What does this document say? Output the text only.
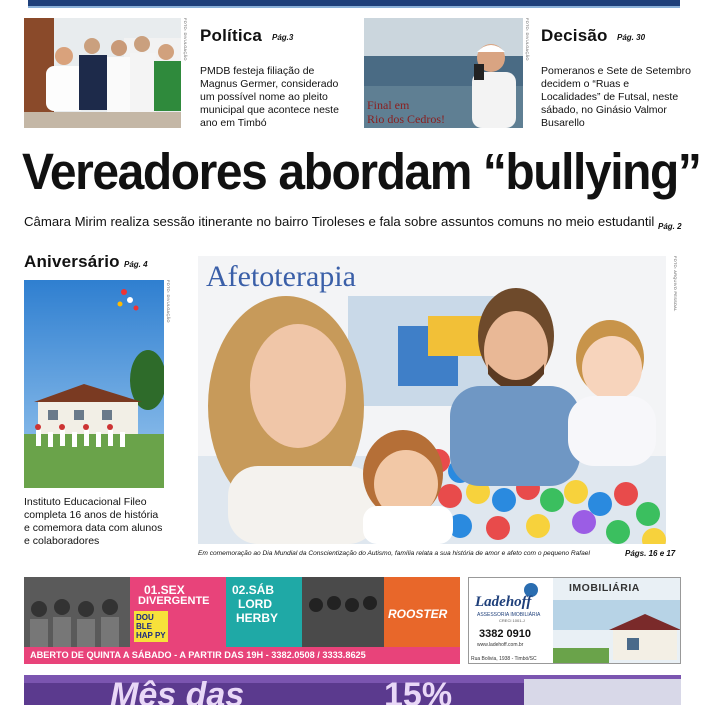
FOTO: DIVULGAÇÃO Política Pág.3
PMDB festeja filiação de Magnus Germer, considerado um possível nome ao pleito municipal que acontece neste ano em Timbó
Final em
Rio dos Cedros!
FOTO: DIVULGAÇÃO Decisão Pág. 30
Pomeranos e Sete de Setembro decidem o “Ruas e Localidades” de Futsal, neste sábado, no Ginásio Valmor Busarello
Vereadores abordam “bullying”
Câmara Mirim realiza sessão itinerante no bairro Tiroleses e fala sobre assuntos comuns no meio estudantil Pág. 2
Aniversário Pág. 4
FOTO: DIVULGAÇÃO
Instituto Educacional Fileo completa 16 anos de história e comemora data com alunos e colaboradores
Afetoterapia	FOTO: ARQUIVO PESSOAL
Em comemoração ao Dia Mundial da Conscientização do Autismo, família relata a sua história de amor e afeto com o pequeno Rafael	Págs. 16 e 17
01.SEX
DIVERGENTE
DOU BLE HAP PY
02.SÁB
LORD
HERBY	ROOSTER
ABERTO DE QUINTA A SÁBADO - A PARTIR DAS 19H - 3382.0508 / 3333.8625
IMOBILIÁRIA
Ladehoff
ASSESSORIA IMOBILIÁRIA
CRECI 1001-J
3382 0910
www.ladehoff.com.br
Rua Bolivia, 1938 - Timbó/SC
Mês das	15%
